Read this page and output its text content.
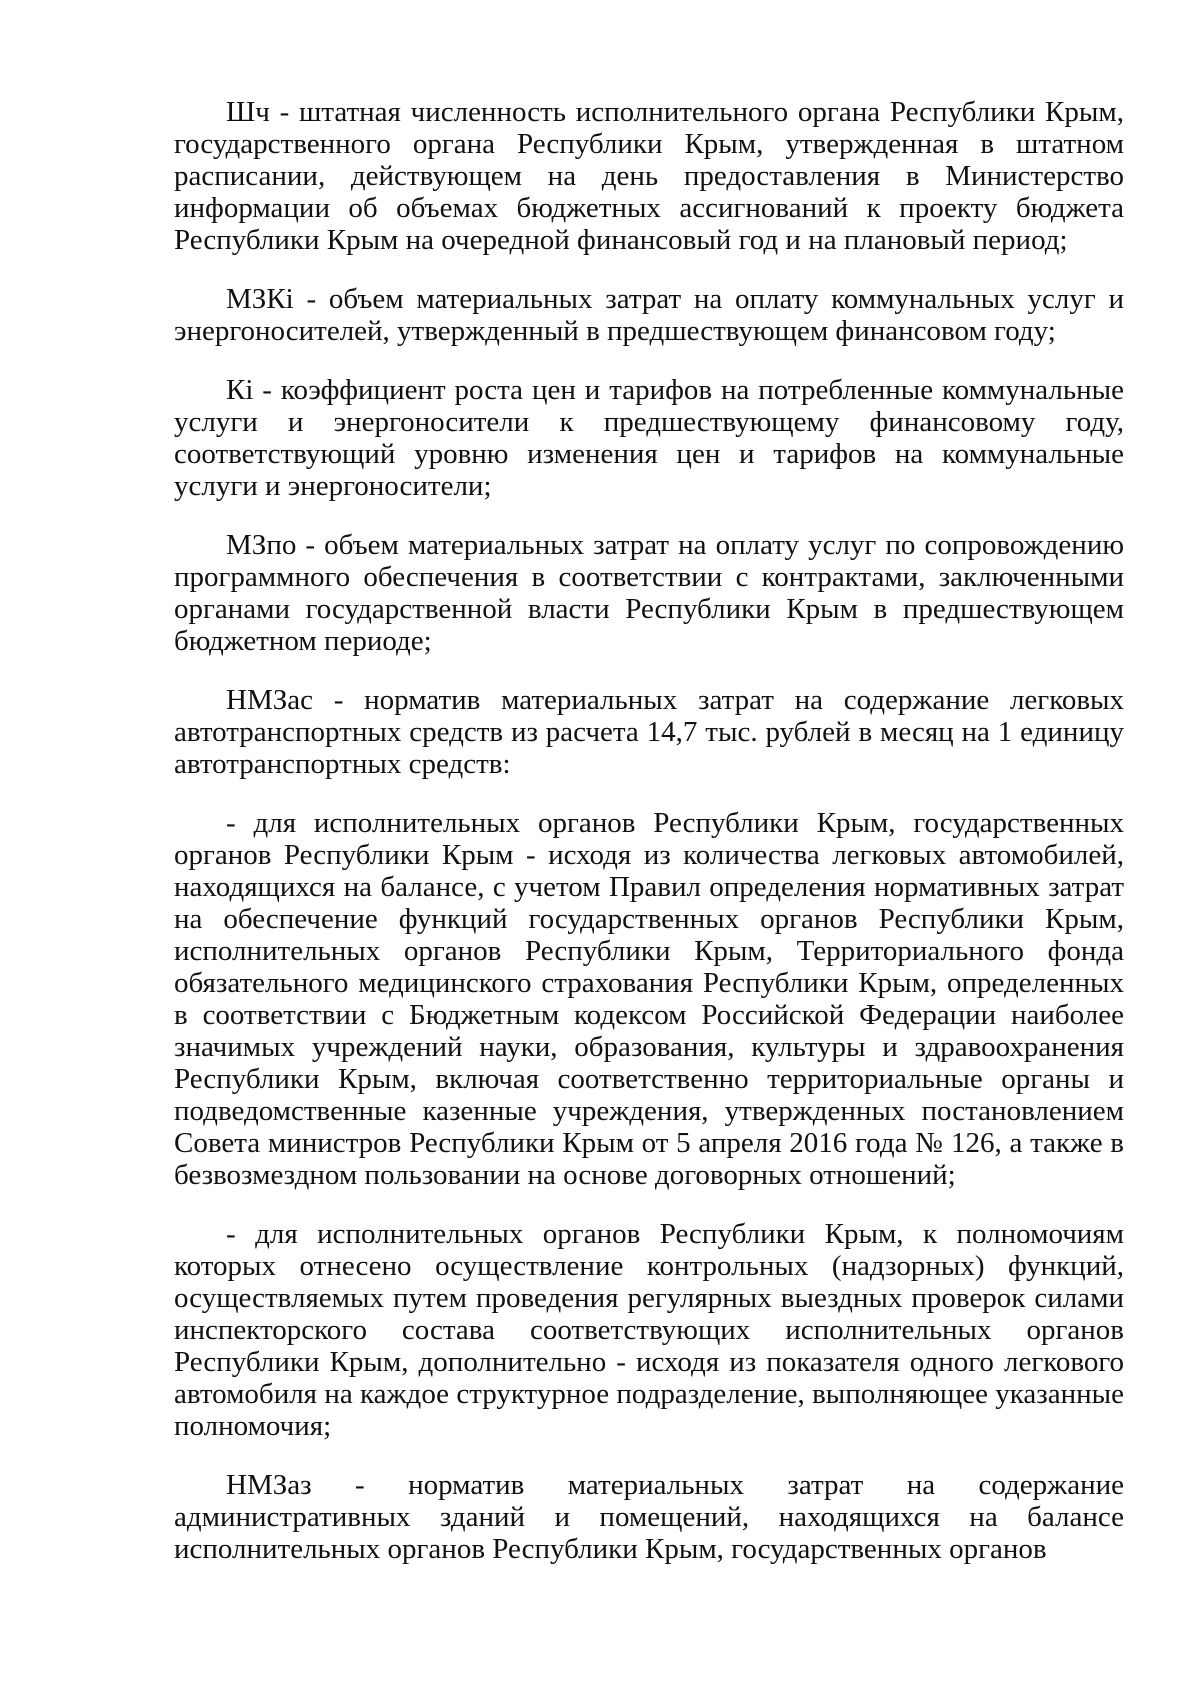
Шч - штатная численность исполнительного органа Республики Крым, государственного органа Республики Крым, утвержденная в штатном расписании, действующем на день предоставления в Министерство информации об объемах бюджетных ассигнований к проекту бюджета Республики Крым на очередной финансовый год и на плановый период;

МЗКi - объем материальных затрат на оплату коммунальных услуг и энергоносителей, утвержденный в предшествующем финансовом году;

Кi - коэффициент роста цен и тарифов на потребленные коммунальные услуги и энергоносители к предшествующему финансовому году, соответствующий уровню изменения цен и тарифов на коммунальные услуги и энергоносители;

МЗпо - объем материальных затрат на оплату услуг по сопровождению программного обеспечения в соответствии с контрактами, заключенными органами государственной власти Республики Крым в предшествующем бюджетном периоде;

НМЗас - норматив материальных затрат на содержание легковых автотранспортных средств из расчета 14,7 тыс. рублей в месяц на 1 единицу автотранспортных средств:

- для исполнительных органов Республики Крым, государственных органов Республики Крым - исходя из количества легковых автомобилей, находящихся на балансе, с учетом Правил определения нормативных затрат на обеспечение функций государственных органов Республики Крым, исполнительных органов Республики Крым, Территориального фонда обязательного медицинского страхования Республики Крым, определенных в соответствии с Бюджетным кодексом Российской Федерации наиболее значимых учреждений науки, образования, культуры и здравоохранения Республики Крым, включая соответственно территориальные органы и подведомственные казенные учреждения, утвержденных постановлением Совета министров Республики Крым от 5 апреля 2016 года № 126, а также в безвозмездном пользовании на основе договорных отношений;

- для исполнительных органов Республики Крым, к полномочиям которых отнесено осуществление контрольных (надзорных) функций, осуществляемых путем проведения регулярных выездных проверок силами инспекторского состава соответствующих исполнительных органов Республики Крым, дополнительно - исходя из показателя одного легкового автомобиля на каждое структурное подразделение, выполняющее указанные полномочия;

НМЗаз - норматив материальных затрат на содержание административных зданий и помещений, находящихся на балансе исполнительных органов Республики Крым, государственных органов
